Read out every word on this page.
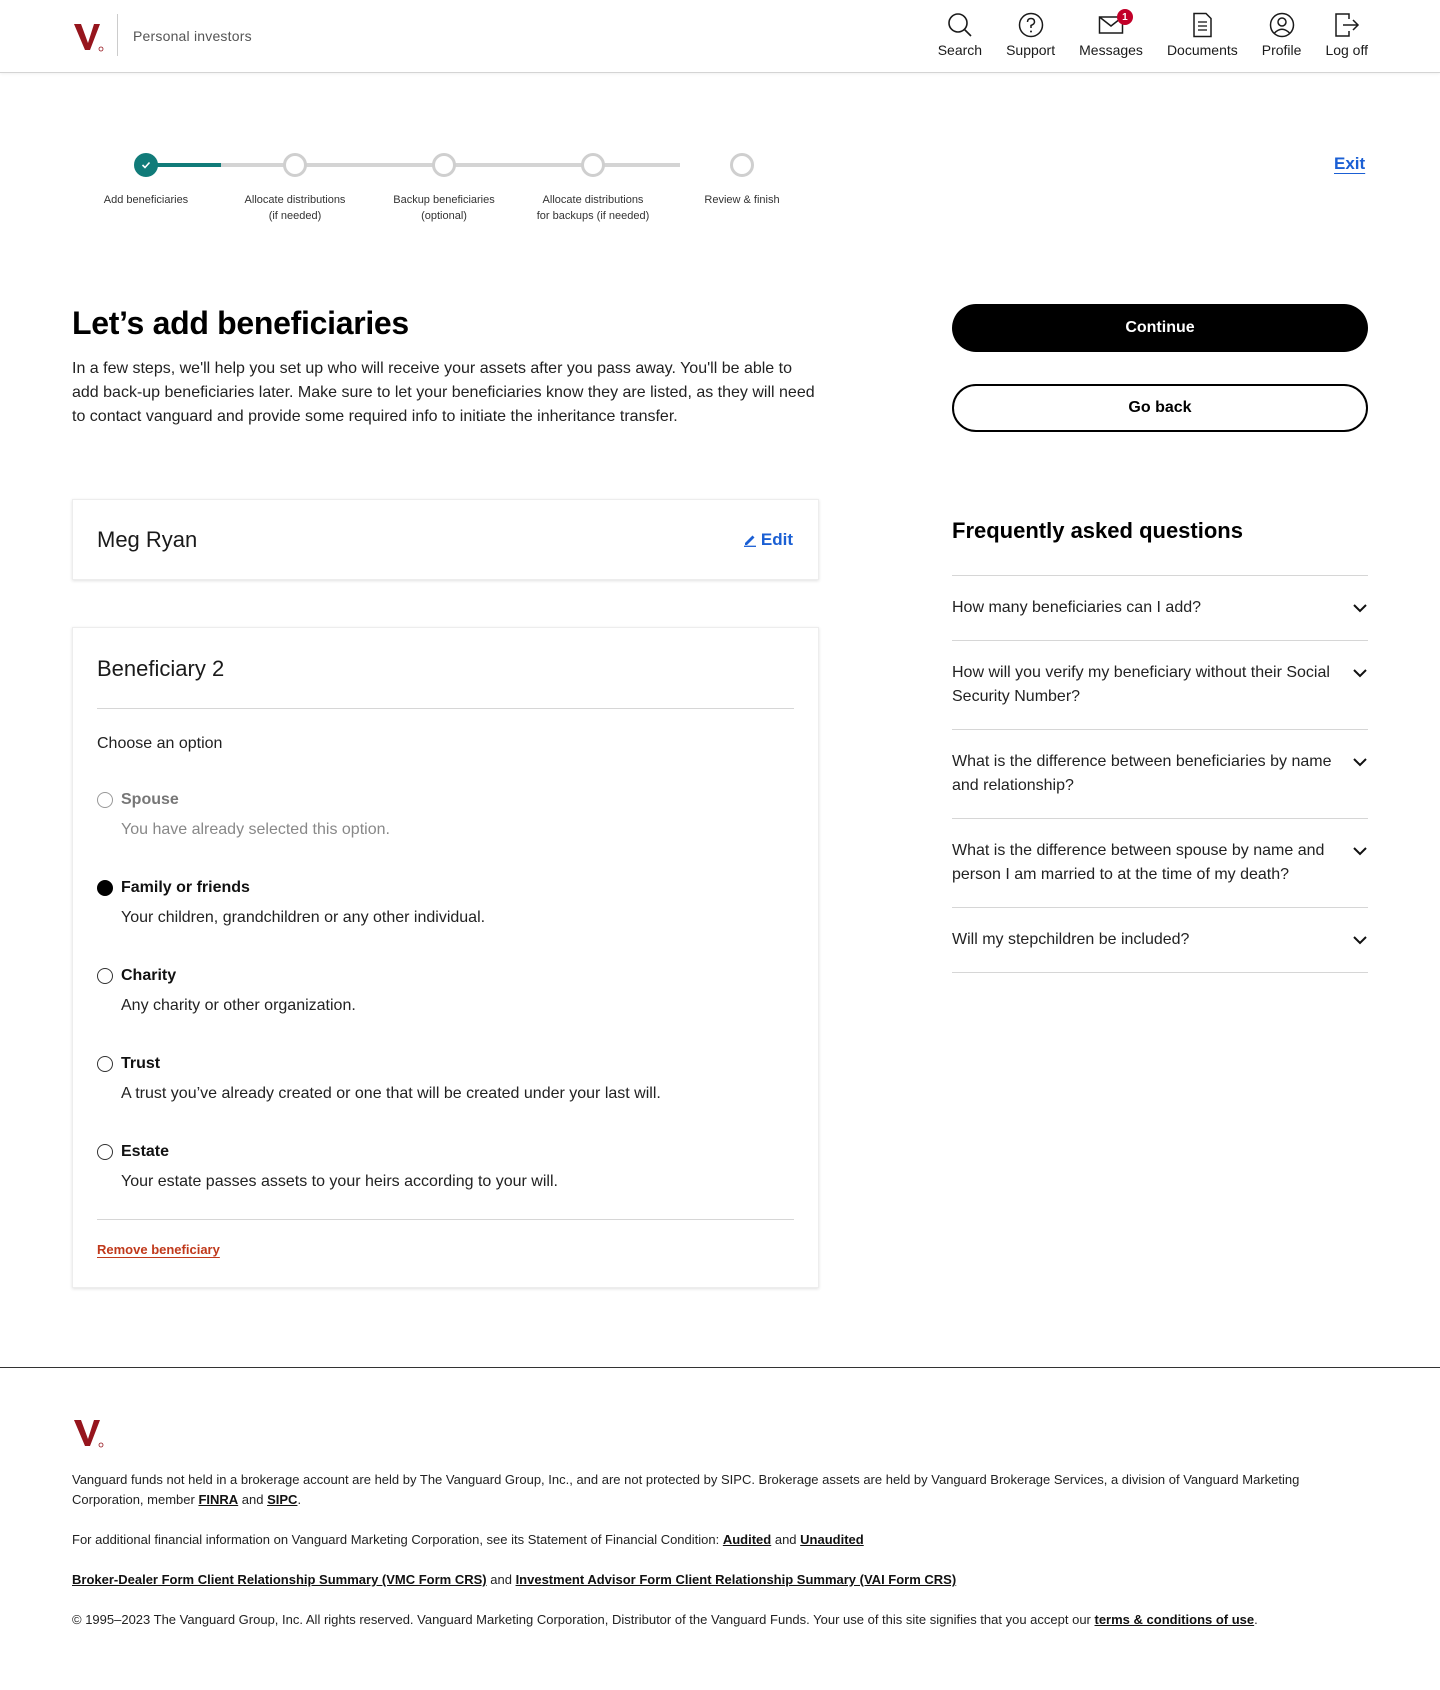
Personal investors
Search Support
1
Messages Documents Profile Log off
Add beneficiaries	Allocate distributions
(if needed)
Backup beneficiaries
(optional)
Allocate distributions
for backups (if needed)
Review & finish

Exit
Let’s add beneficiaries

In a few steps, we'll help you set up who will receive your assets after you pass away. You'll be able to add back-up beneficiaries later. Make sure to let your beneficiaries know they are listed, as they will need to contact vanguard and provide some required info to initiate the inheritance transfer.

Meg Ryan	Edit
Beneficiary 2
Choose an option
Spouse
You have already selected this option.
Family or friends
Your children, grandchildren or any other individual.
Charity
Any charity or other organization.
Trust
A trust you’ve already created or one that will be created under your last will.
Estate
Your estate passes assets to your heirs according to your will.
Remove beneficiary
Continue
Go back
Frequently asked questions
How many beneficiaries can I add?
How will you verify my beneficiary without their Social Security Number?
What is the difference between beneficiaries by name and relationship?
What is the difference between spouse by name and person I am married to at the time of my death?
Will my stepchildren be included?

Vanguard funds not held in a brokerage account are held by The Vanguard Group, Inc., and are not protected by SIPC. Brokerage assets are held by Vanguard Brokerage Services, a division of Vanguard Marketing Corporation, member FINRA and SIPC.

For additional financial information on Vanguard Marketing Corporation, see its Statement of Financial Condition: Audited and Unaudited

Broker-Dealer Form Client Relationship Summary (VMC Form CRS) and Investment Advisor Form Client Relationship Summary (VAI Form CRS)

© 1995–2023 The Vanguard Group, Inc. All rights reserved. Vanguard Marketing Corporation, Distributor of the Vanguard Funds. Your use of this site signifies that you accept our terms & conditions of use.
